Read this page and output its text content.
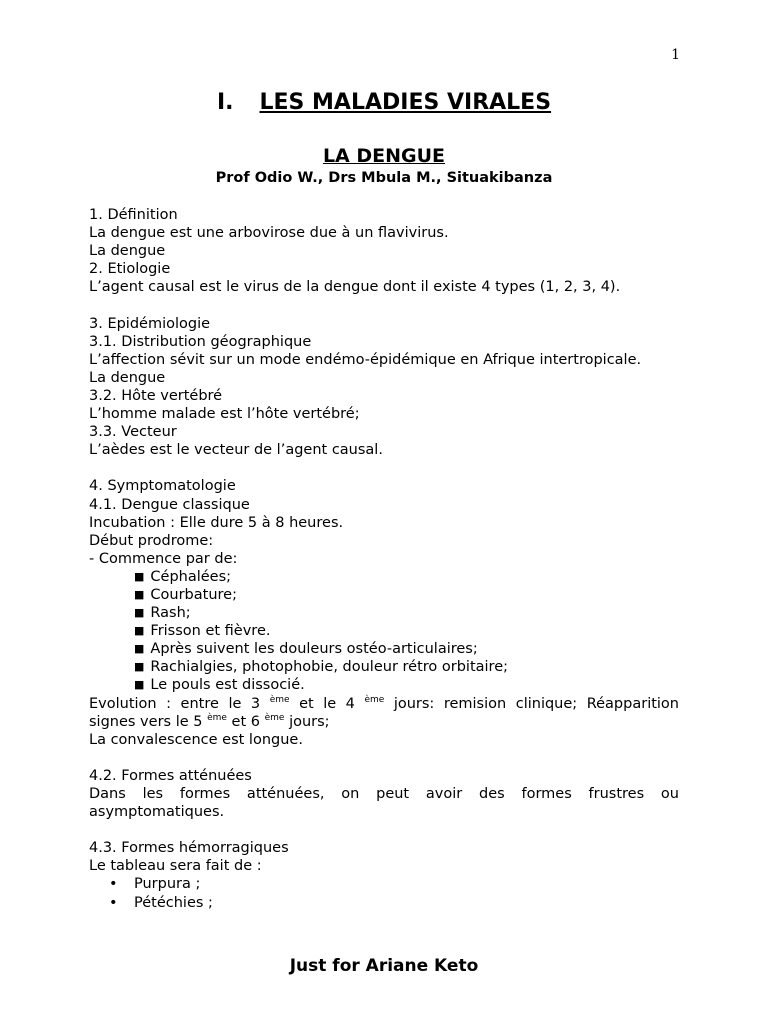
1
I. LES MALADIES VIRALES
LA DENGUE
Prof Odio W., Drs Mbula M., Situakibanza
1. Définition
La dengue est une arbovirose due à un flavivirus.
La dengue
2. Etiologie
L’agent causal est le virus de la dengue dont il existe 4 types (1, 2, 3, 4).
3. Epidémiologie
3.1. Distribution géographique
L’affection sévit sur un mode endémo-épidémique en Afrique intertropicale.
La dengue
3.2. Hôte vertébré
L’homme malade est l’hôte vertébré;
3.3. Vecteur
L’aèdes est le vecteur de l’agent causal.
4. Symptomatologie
4.1. Dengue classique
Incubation : Elle dure 5 à 8 heures.
Début prodrome:
- Commence par de:
■ Céphalées;
■ Courbature;
■ Rash;
■ Frisson et fièvre.
■ Après suivent les douleurs ostéo-articulaires;
■ Rachialgies, photophobie, douleur rétro orbitaire;
■ Le pouls est dissocié.
Evolution : entre le 3 $^{ème}$ et le 4 $^{ème}$ jours: remision clinique; Réapparition
signes vers le 5 $^{ème}$ et 6 $^{ème}$ jours;
La convalescence est longue.
4.2. Formes atténuées
Dans les formes atténuées, on peut avoir des formes frustres ou asymptomatiques.
4.3. Formes hémorragiques
Le tableau sera fait de :
• Purpura ;
• Pétéchies ;
Just for Ariane Keto
